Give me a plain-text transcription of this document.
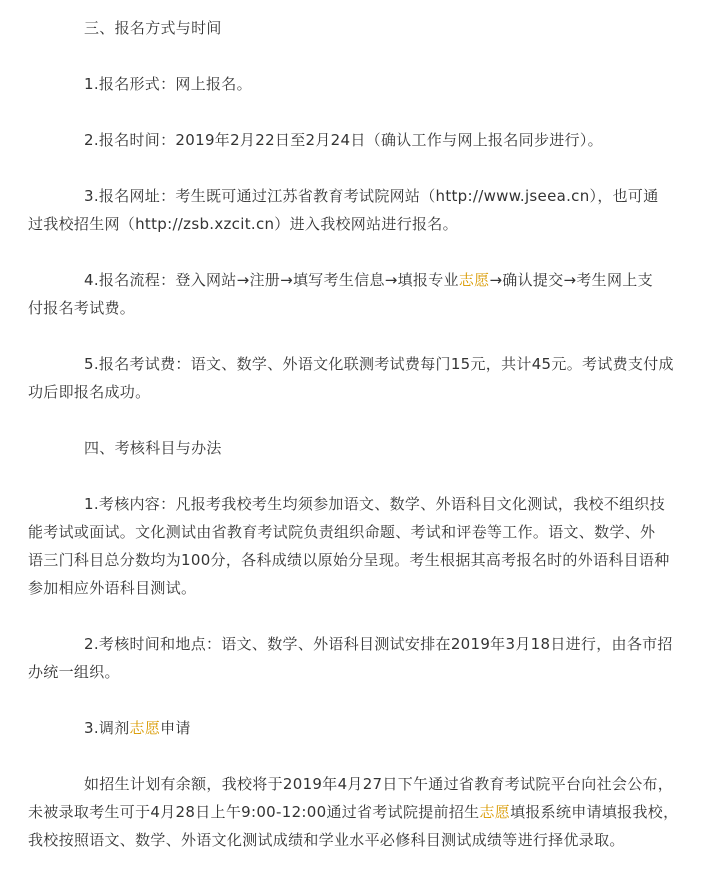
三、报名方式与时间
1.报名形式：网上报名。
2.报名时间：2019年2月22日至2月24日（确认工作与网上报名同步进行）。
3.报名网址：考生既可通过江苏省教育考试院网站（http://www.jseea.cn），也可通
过我校招生网（http://zsb.xzcit.cn）进入我校网站进行报名。
4.报名流程：登入网站→注册→填写考生信息→填报专业志愿→确认提交→考生网上支
付报名考试费。
5.报名考试费：语文、数学、外语文化联测考试费每门15元，共计45元。考试费支付成
功后即报名成功。
四、考核科目与办法
1.考核内容：凡报考我校考生均须参加语文、数学、外语科目文化测试，我校不组织技
能考试或面试。文化测试由省教育考试院负责组织命题、考试和评卷等工作。语文、数学、外
语三门科目总分数均为100分，各科成绩以原始分呈现。考生根据其高考报名时的外语科目语种
参加相应外语科目测试。
2.考核时间和地点：语文、数学、外语科目测试安排在2019年3月18日进行，由各市招
办统一组织。
3.调剂志愿申请
如招生计划有余额，我校将于2019年4月27日下午通过省教育考试院平台向社会公布，
未被录取考生可于4月28日上午9:00-12:00通过省考试院提前招生志愿填报系统申请填报我校，
我校按照语文、数学、外语文化测试成绩和学业水平必修科目测试成绩等进行择优录取。
